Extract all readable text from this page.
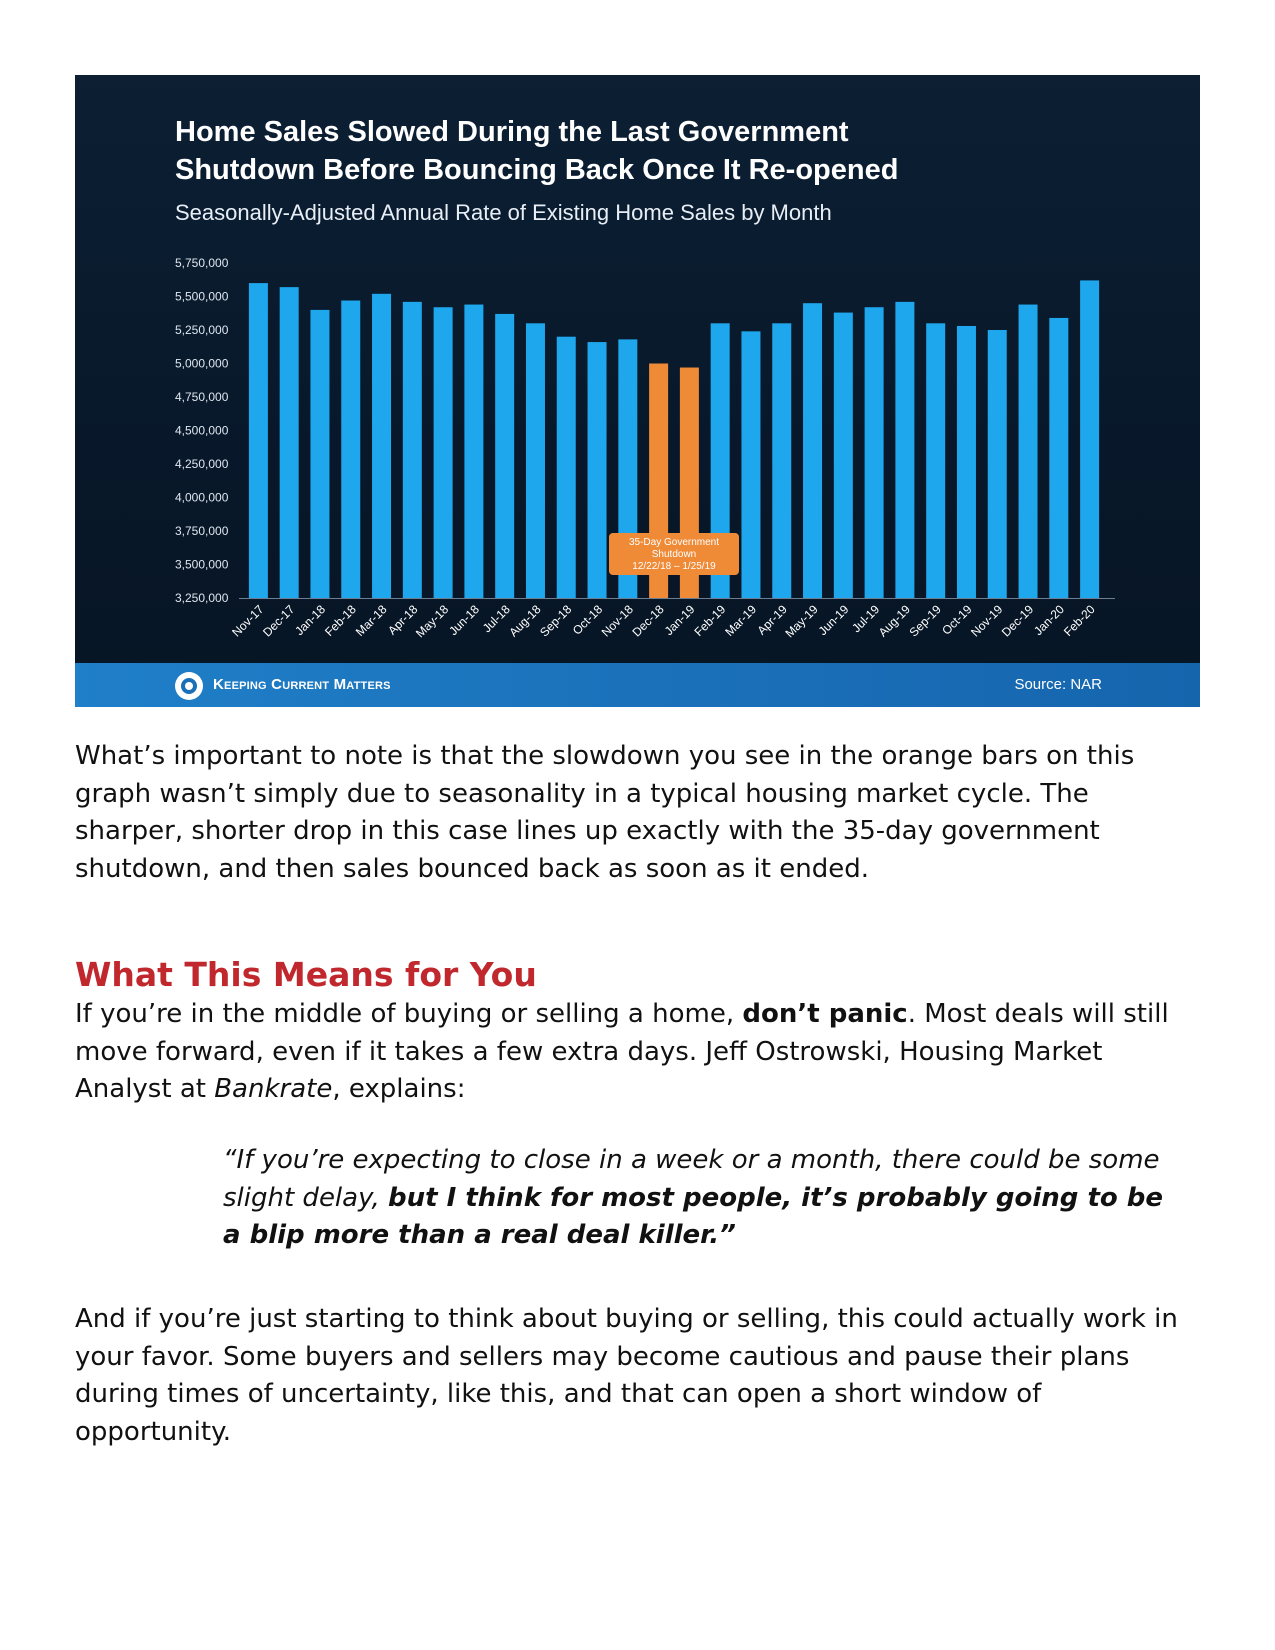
Home Sales Slowed During the Last Government
Shutdown Before Bouncing Back Once It Re-opened
Seasonally-Adjusted Annual Rate of Existing Home Sales by Month
5,750,000
5,500,000
5,250,000
5,000,000
4,750,000
4,500,000
4,250,000
4,000,000
3,750,000
3,500,000
3,250,000
Nov-17
Dec-17
Jan-18
Feb-18
Mar-18
Apr-18
May-18
Jun-18
Jul-18
Aug-18
Sep-18
Oct-18
Nov-18
Dec-18
Jan-19
Feb-19
Mar-19
Apr-19
May-19
Jun-19
Jul-19
Aug-19
Sep-19
Oct-19
Nov-19
Dec-19
Jan-20
Feb-20
35-Day Government
Shutdown
12/22/18 – 1/25/19
Keeping Current Matters	Source: NAR

What’s important to note is that the slowdown you see in the orange bars on this graph wasn’t simply due to seasonality in a typical housing market cycle. The sharper, shorter drop in this case lines up exactly with the 35-day government shutdown, and then sales bounced back as soon as it ended.

What This Means for You

If you’re in the middle of buying or selling a home, don’t panic. Most deals will still move forward, even if it takes a few extra days. Jeff Ostrowski, Housing Market Analyst at Bankrate, explains:

“If you’re expecting to close in a week or a month, there could be some slight delay, but I think for most people, it’s probably going to be a blip more than a real deal killer.”

And if you’re just starting to think about buying or selling, this could actually work in your favor. Some buyers and sellers may become cautious and pause their plans during times of uncertainty, like this, and that can open a short window of opportunity.
